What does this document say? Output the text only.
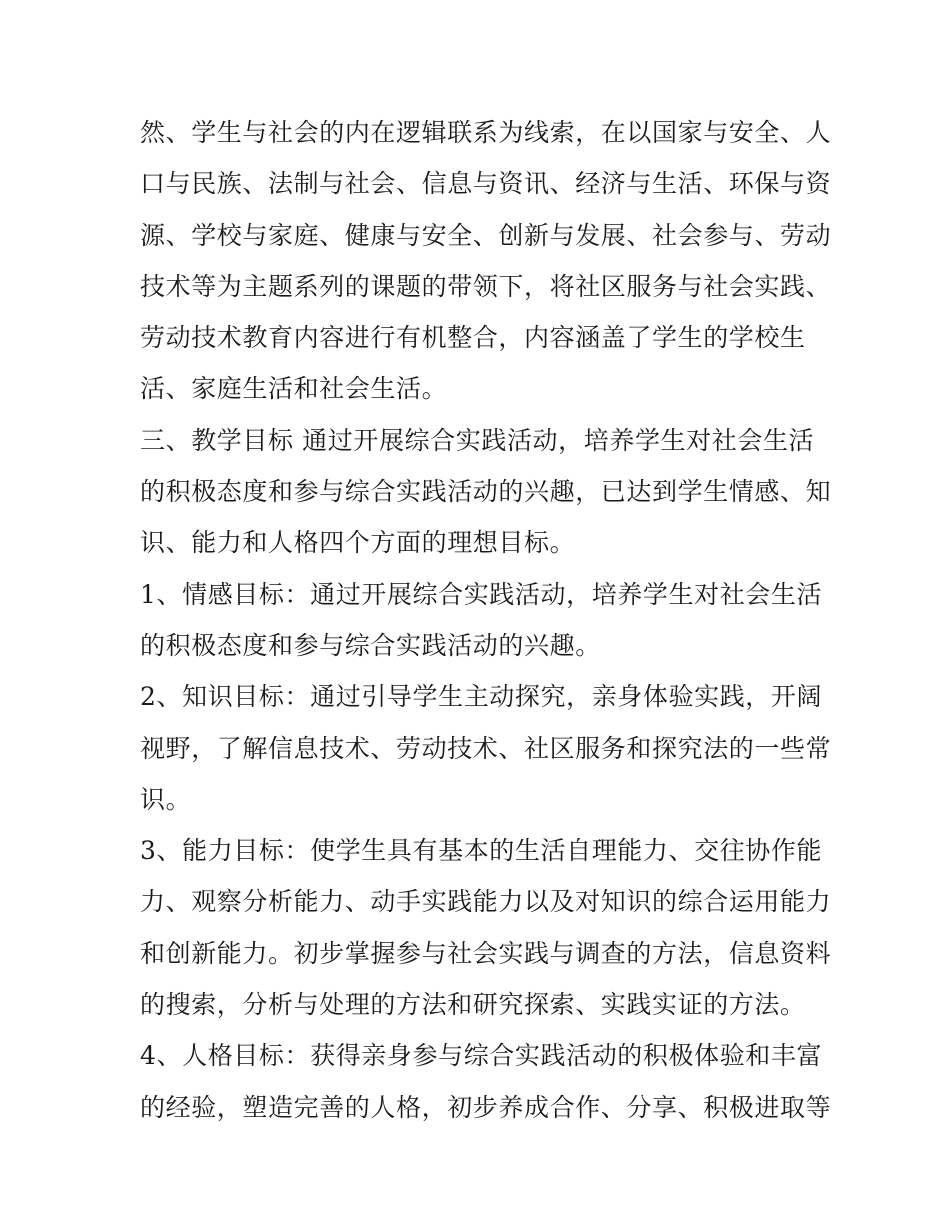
然、学生与社会的内在逻辑联系为线索，在以国家与安全、人
口与民族、法制与社会、信息与资讯、经济与生活、环保与资
源、学校与家庭、健康与安全、创新与发展、社会参与、劳动
技术等为主题系列的课题的带领下，将社区服务与社会实践、
劳动技术教育内容进行有机整合，内容涵盖了学生的学校生
活、家庭生活和社会生活。
三、教学目标 通过开展综合实践活动，培养学生对社会生活
的积极态度和参与综合实践活动的兴趣，已达到学生情感、知
识、能力和人格四个方面的理想目标。
1、情感目标：通过开展综合实践活动，培养学生对社会生活
的积极态度和参与综合实践活动的兴趣。
2、知识目标：通过引导学生主动探究，亲身体验实践，开阔
视野，了解信息技术、劳动技术、社区服务和探究法的一些常
识。
3、能力目标：使学生具有基本的生活自理能力、交往协作能
力、观察分析能力、动手实践能力以及对知识的综合运用能力
和创新能力。初步掌握参与社会实践与调查的方法，信息资料
的搜索，分析与处理的方法和研究探索、实践实证的方法。
4、人格目标：获得亲身参与综合实践活动的积极体验和丰富
的经验，塑造完善的人格，初步养成合作、分享、积极进取等
